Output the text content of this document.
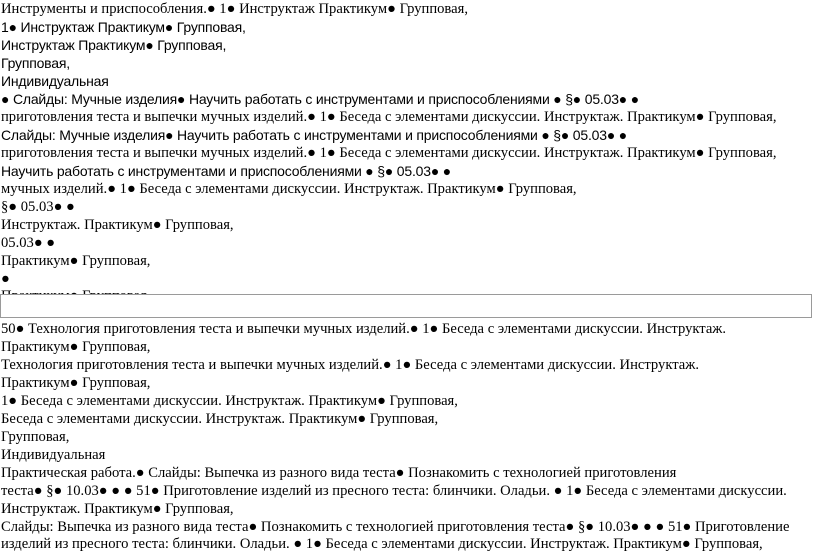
Инструменты и приспособления.● 1● Инструктаж Практикум● Групповая,
1● Инструктаж Практикум● Групповая,
Инструктаж Практикум● Групповая,
Групповая,
Индивидуальная
● Слайды: Мучные изделия● Научить работать с инструментами и приспособлениями ● §● 05.03● ●
приготовления теста и выпечки мучных изделий.● 1● Беседа с элементами дискуссии. Инструктаж. Практикум● Групповая,
Слайды: Мучные изделия● Научить работать с инструментами и приспособлениями ● §● 05.03● ●
приготовления теста и выпечки мучных изделий.● 1● Беседа с элементами дискуссии. Инструктаж. Практикум● Групповая,
Научить работать с инструментами и приспособлениями ● §● 05.03● ●
мучных изделий.● 1● Беседа с элементами дискуссии. Инструктаж. Практикум● Групповая,
§● 05.03● ●
Инструктаж. Практикум● Групповая,
05.03● ●
Практикум● Групповая,
●
50● Технология приготовления теста и выпечки мучных изделий.● 1● Беседа с элементами дискуссии. Инструктаж.
Практикум● Групповая,
Технология приготовления теста и выпечки мучных изделий.● 1● Беседа с элементами дискуссии. Инструктаж.
Практикум● Групповая,
1● Беседа с элементами дискуссии. Инструктаж. Практикум● Групповая,
Беседа с элементами дискуссии. Инструктаж. Практикум● Групповая,
Групповая,
Индивидуальная
Практическая работа.● Слайды: Выпечка из разного вида теста● Познакомить с технологией приготовления
теста● §● 10.03● ● ● 51● Приготовление изделий из пресного теста: блинчики. Оладьи. ● 1● Беседа с элементами дискуссии.
Инструктаж. Практикум● Групповая,
Слайды: Выпечка из разного вида теста● Познакомить с технологией приготовления теста● §● 10.03● ● ● 51● Приготовление
изделий из пресного теста: блинчики. Оладьи. ● 1● Беседа с элементами дискуссии. Инструктаж. Практикум● Групповая,
